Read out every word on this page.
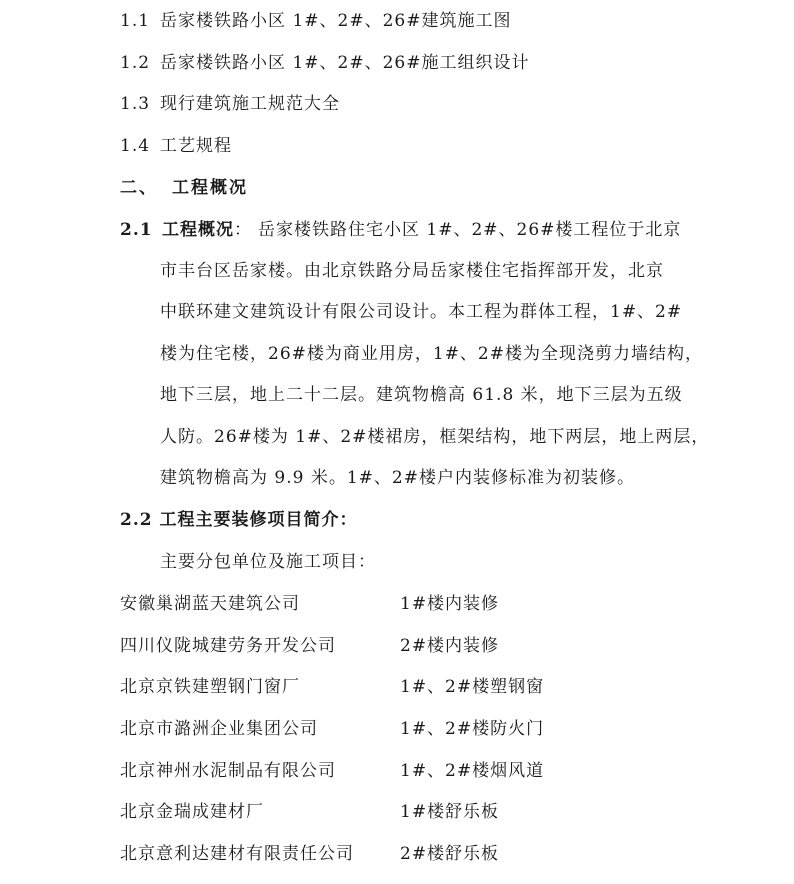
1.1 岳家楼铁路小区 1#、2#、26#建筑施工图
1.2 岳家楼铁路小区 1#、2#、26#施工组织设计
1.3 现行建筑施工规范大全
1.4 工艺规程
二、 工程概况
2.1 工程概况： 岳家楼铁路住宅小区 1#、2#、26#楼工程位于北京
市丰台区岳家楼。由北京铁路分局岳家楼住宅指挥部开发，北京
中联环建文建筑设计有限公司设计。本工程为群体工程，1#、2#
楼为住宅楼，26#楼为商业用房，1#、2#楼为全现浇剪力墙结构，
地下三层，地上二十二层。建筑物檐高 61.8 米，地下三层为五级
人防。26#楼为 1#、2#楼裙房，框架结构，地下两层，地上两层，
建筑物檐高为 9.9 米。1#、2#楼户内装修标准为初装修。
2.2 工程主要装修项目简介：
主要分包单位及施工项目：
安徽巢湖蓝天建筑公司	1#楼内装修
四川仪陇城建劳务开发公司	2#楼内装修
北京京铁建塑钢门窗厂	1#、2#楼塑钢窗
北京市潞洲企业集团公司	1#、2#楼防火门
北京神州水泥制品有限公司	1#、2#楼烟风道
北京金瑞成建材厂	1#楼舒乐板
北京意利达建材有限责任公司	2#楼舒乐板
